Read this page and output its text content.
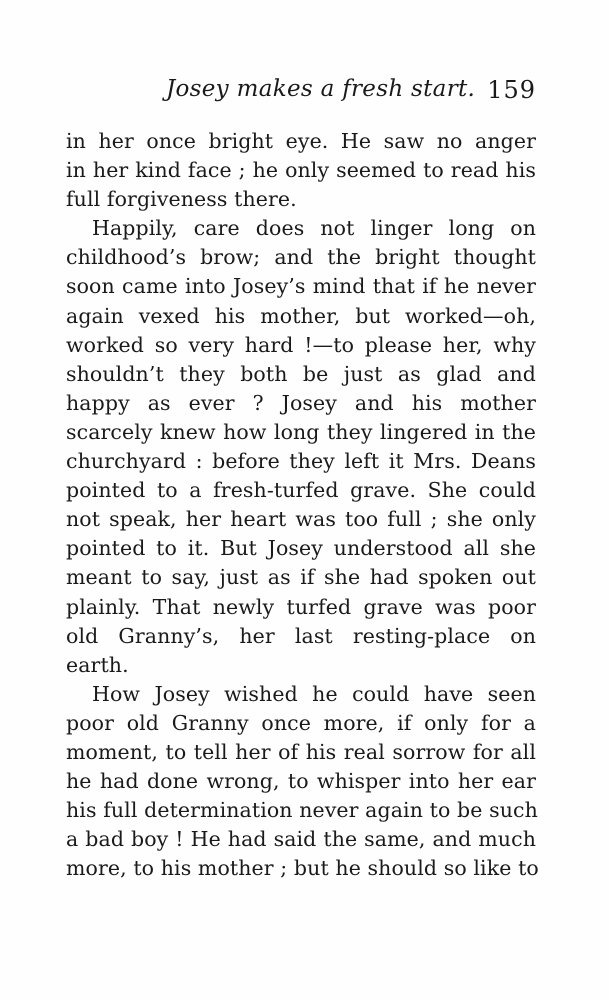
Josey makes a fresh start. 159
in her once bright eye. He saw no anger
in her kind face ; he only seemed to read his
full forgiveness there.
Happily, care does not linger long on
childhood’s brow; and the bright thought
soon came into Josey’s mind that if he never
again vexed his mother, but worked—oh,
worked so very hard !—to please her, why
shouldn’t they both be just as glad and
happy as ever ? Josey and his mother
scarcely knew how long they lingered in the
churchyard : before they left it Mrs. Deans
pointed to a fresh-turfed grave. She could
not speak, her heart was too full ; she only
pointed to it. But Josey understood all she
meant to say, just as if she had spoken out
plainly. That newly turfed grave was poor
old Granny’s, her last resting-place on
earth.
How Josey wished he could have seen
poor old Granny once more, if only for a
moment, to tell her of his real sorrow for all
he had done wrong, to whisper into her ear
his full determination never again to be such
a bad boy ! He had said the same, and much
more, to his mother ; but he should so like to
